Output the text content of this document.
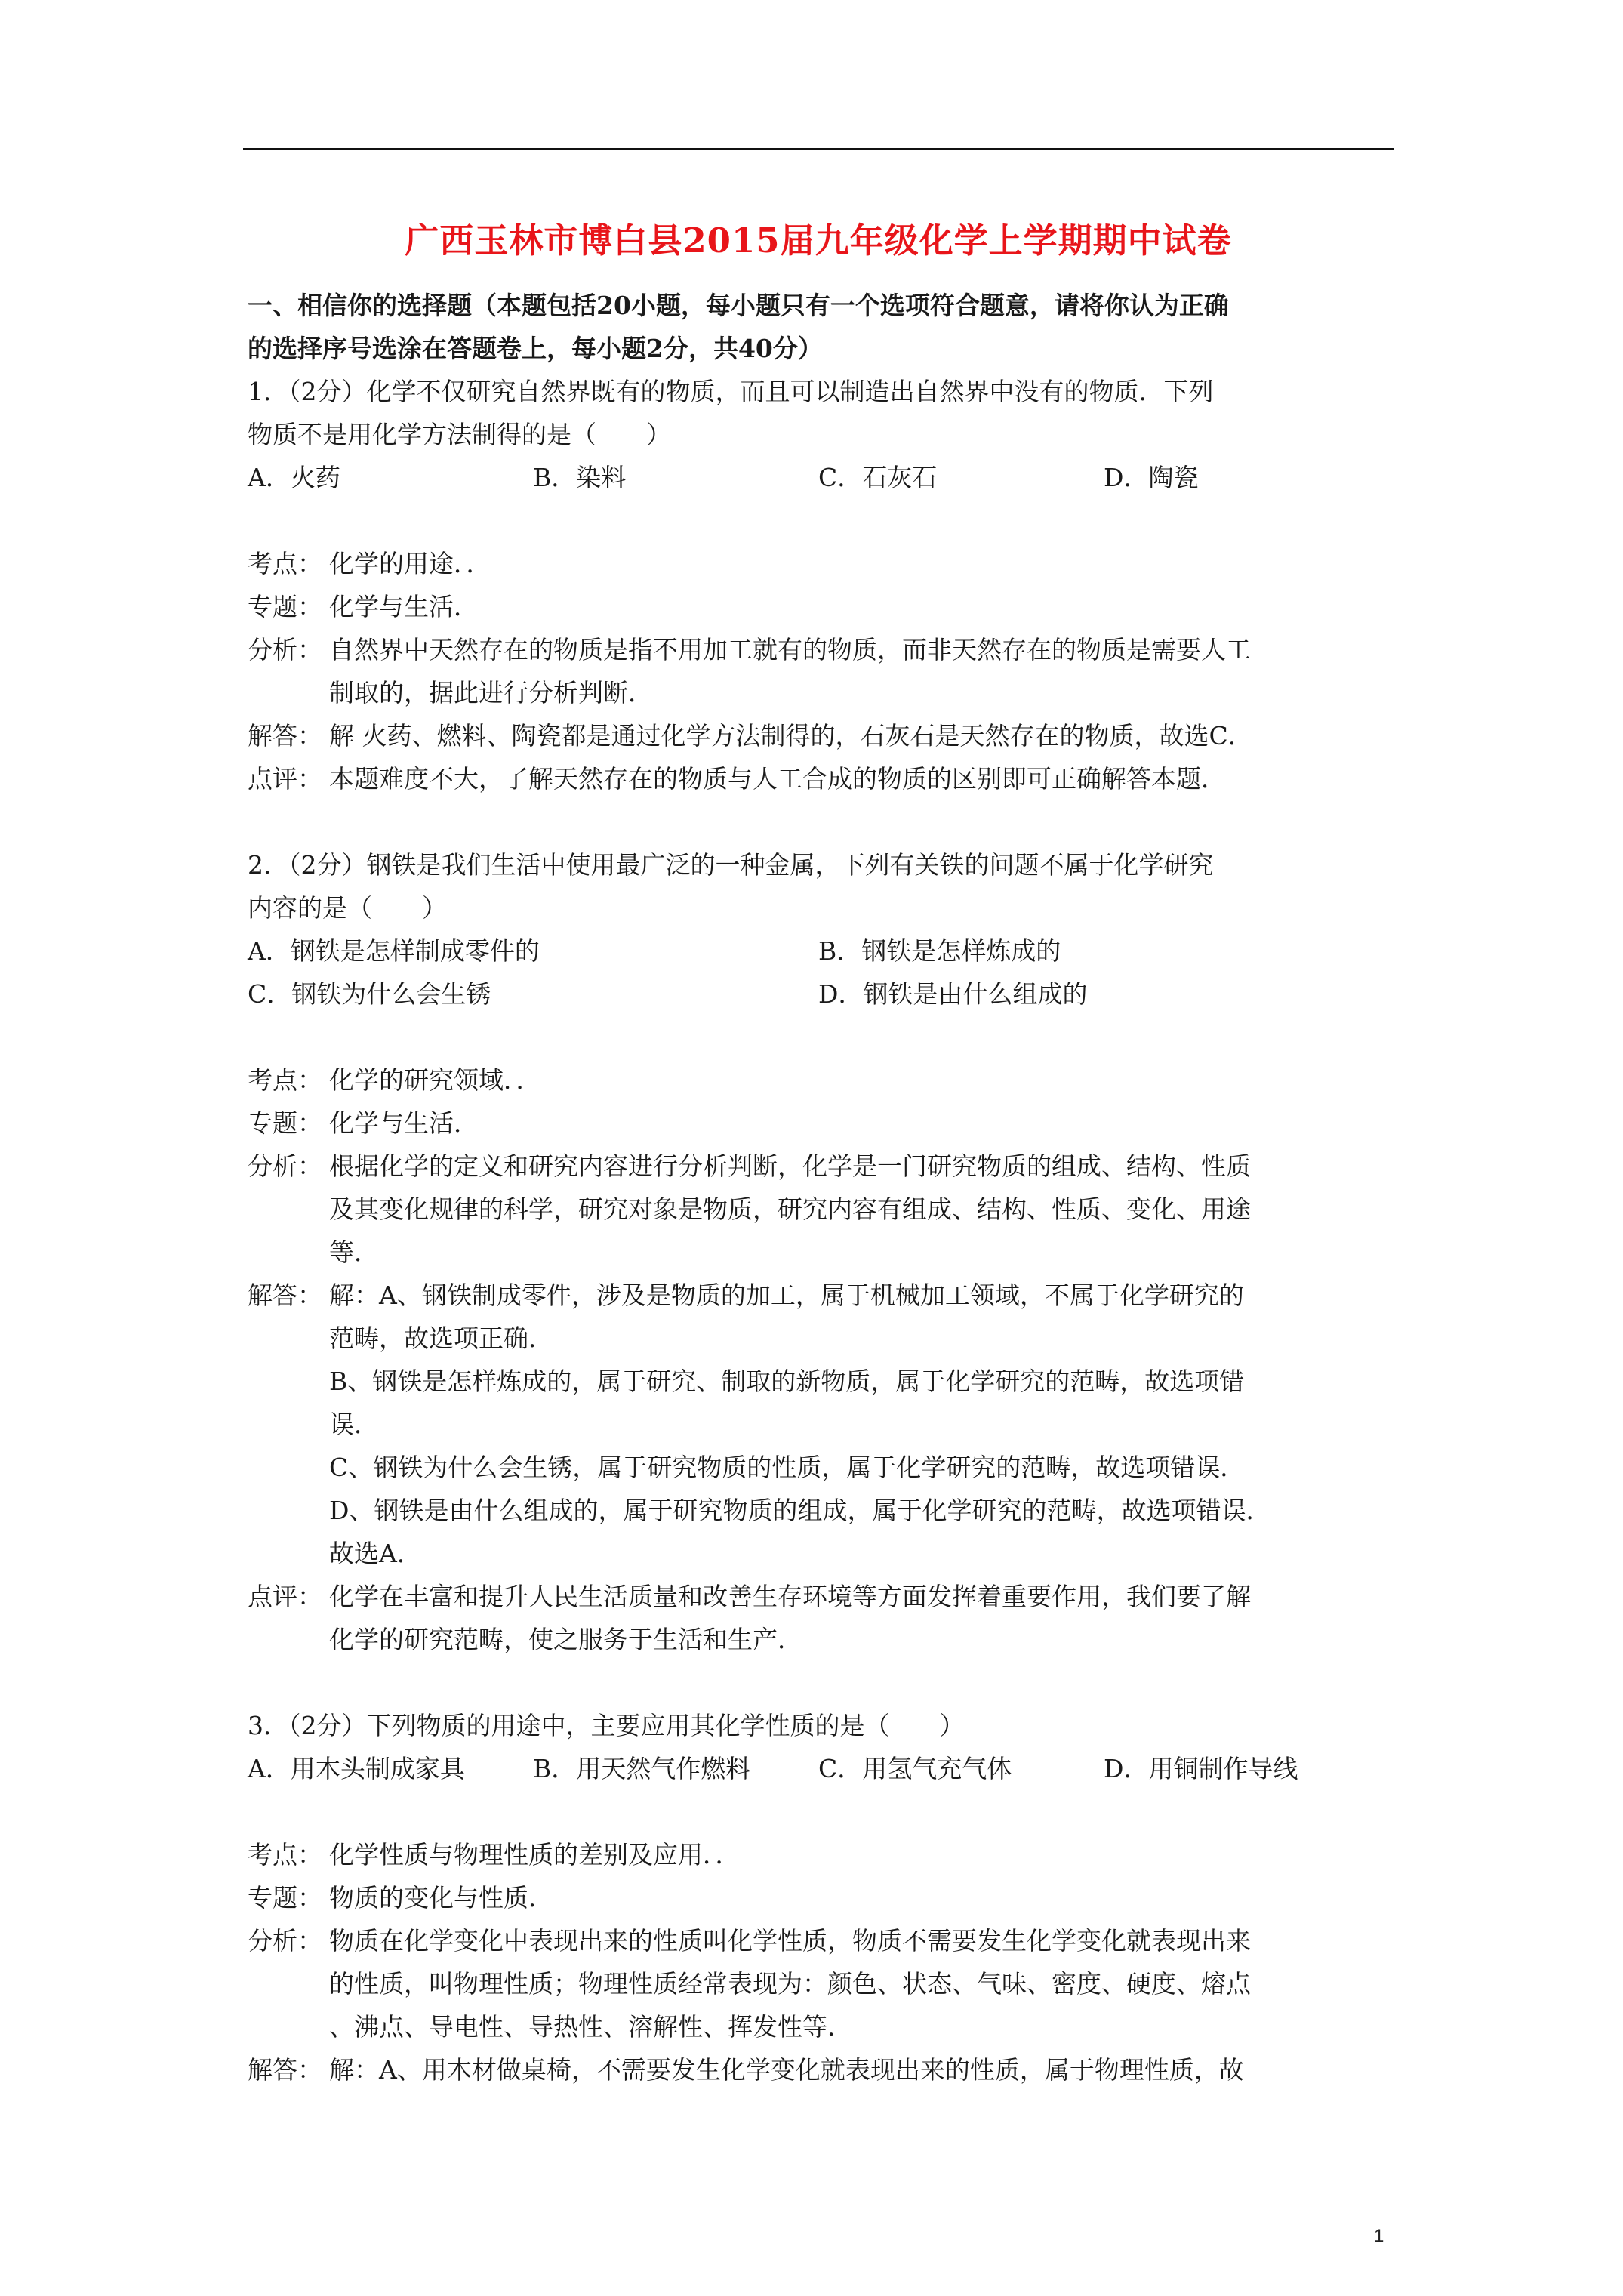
广西玉林市博白县2015届九年级化学上学期期中试卷
一、相信你的选择题（本题包括20小题，每小题只有一个选项符合题意，请将你认为正确
的选择序号选涂在答题卷上，每小题2分，共40分）
1．（2分）化学不仅研究自然界既有的物质，而且可以制造出自然界中没有的物质．下列
物质不是用化学方法制得的是（　　）
A．火药	B．染料	C．石灰石	D．陶瓷
考点： 化学的用途．．
专题： 化学与生活．
分析： 自然界中天然存在的物质是指不用加工就有的物质，而非天然存在的物质是需要人工
制取的，据此进行分析判断．
解答： 解 火药、燃料、陶瓷都是通过化学方法制得的，石灰石是天然存在的物质，故选C．
点评： 本题难度不大，了解天然存在的物质与人工合成的物质的区别即可正确解答本题．
2．（2分）钢铁是我们生活中使用最广泛的一种金属，下列有关铁的问题不属于化学研究
内容的是（　　）
A．钢铁是怎样制成零件的	B．钢铁是怎样炼成的
C．钢铁为什么会生锈	D．钢铁是由什么组成的
考点： 化学的研究领域．．
专题： 化学与生活．
分析： 根据化学的定义和研究内容进行分析判断，化学是一门研究物质的组成、结构、性质
及其变化规律的科学，研究对象是物质，研究内容有组成、结构、性质、变化、用途
等．
解答： 解：A、钢铁制成零件，涉及是物质的加工，属于机械加工领域，不属于化学研究的
范畴，故选项正确．
B、钢铁是怎样炼成的，属于研究、制取的新物质，属于化学研究的范畴，故选项错
误．
C、钢铁为什么会生锈，属于研究物质的性质，属于化学研究的范畴，故选项错误．
D、钢铁是由什么组成的，属于研究物质的组成，属于化学研究的范畴，故选项错误．
故选A．
点评： 化学在丰富和提升人民生活质量和改善生存环境等方面发挥着重要作用，我们要了解
化学的研究范畴，使之服务于生活和生产．
3．（2分）下列物质的用途中，主要应用其化学性质的是（　　）
A．用木头制成家具	B．用天然气作燃料	C．用氢气充气体	D．用铜制作导线
考点： 化学性质与物理性质的差别及应用．．
专题： 物质的变化与性质．
分析： 物质在化学变化中表现出来的性质叫化学性质，物质不需要发生化学变化就表现出来
的性质，叫物理性质；物理性质经常表现为：颜色、状态、气味、密度、硬度、熔点
、沸点、导电性、导热性、溶解性、挥发性等．
解答： 解：A、用木材做桌椅，不需要发生化学变化就表现出来的性质，属于物理性质，故
1
